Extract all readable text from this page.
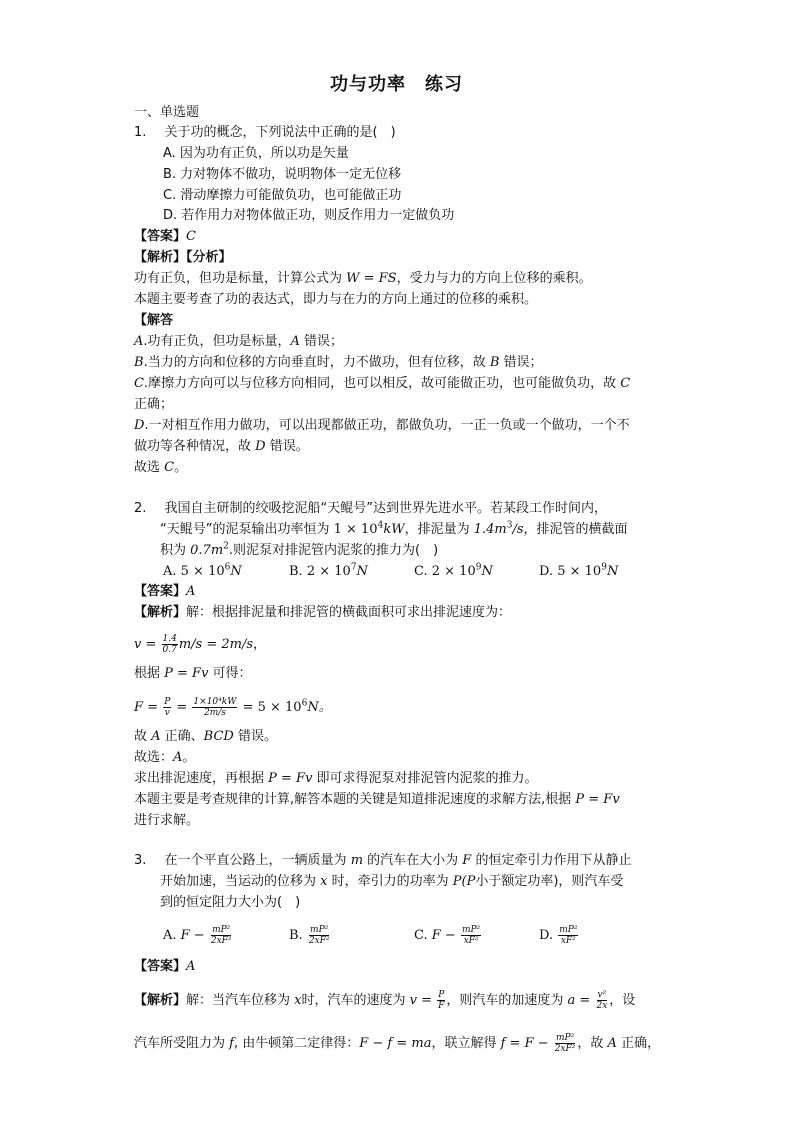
功与功率　练习
一、单选题
1. 关于功的概念，下列说法中正确的是(　)
A. 因为功有正负，所以功是矢量
B. 力对物体不做功，说明物体一定无位移
C. 滑动摩擦力可能做负功，也可能做正功
D. 若作用力对物体做正功，则反作用力一定做负功
【答案】C
【解析】【分析】
功有正负，但功是标量，计算公式为 W = FS，受力与力的方向上位移的乘积。
本题主要考查了功的表达式，即力与在力的方向上通过的位移的乘积。
【解答
A.功有正负，但功是标量，A 错误；
B.当力的方向和位移的方向垂直时，力不做功，但有位移，故 B 错误；
C.摩擦力方向可以与位移方向相同，也可以相反，故可能做正功，也可能做负功，故 C
正确；
D.一对相互作用力做功，可以出现都做正功，都做负功，一正一负或一个做功，一个不
做功等各种情况，故 D 错误。
故选 C。
2. 我国自主研制的绞吸挖泥船“天鲲号”达到世界先进水平。若某段工作时间内，
“天鲲号”的泥泵输出功率恒为 $1 \times 10^4kW$，排泥量为 $1.4m^3/s$，排泥管的横截面
积为 $0.7m^2$.则泥泵对排泥管内泥浆的推力为(　)
A. $5 \times 10^6N$	B. $2 \times 10^7N$	C. $2 \times 10^9N$	D. $5 \times 10^9N$
【答案】A
【解析】解：根据排泥量和排泥管的横截面积可求出排泥速度为：
$v = \frac{1.4}{0.7} m/s = 2m/s$，
根据 P = Fv 可得：
$F = \frac{P}{v} = \frac{\text{1×10⁴kW}}{2m/s} = 5 \times 10^6N$。
故 A 正确、BCD 错误。
故选：A。
求出排泥速度，再根据 P = Fv 即可求得泥泵对排泥管内泥浆的推力。
本题主要是考查规律的计算,解答本题的关键是知道排泥速度的求解方法,根据 P = Fv
进行求解。
3. 在一个平直公路上，一辆质量为 m 的汽车在大小为 F 的恒定牵引力作用下从静止
开始加速，当运动的位移为 x 时，牵引力的功率为 P(P小于额定功率)，则汽车受
到的恒定阻力大小为(　)
A. $F - \frac{\text{mP²}}{\text{2xF²}}$	B. $\frac{\text{mP²}}{\text{2xF²}}$	C. $F - \frac{\text{mP²}}{\text{xF²}}$	D. $\frac{\text{mP²}}{\text{xF²}}$
【答案】A
【解析】解：当汽车位移为 x时，汽车的速度为 $v = \frac{P}{F}$ ，则汽车的加速度为 $a = \frac{\text{v²}}{2x}$ ，设
汽车所受阻力为 f, 由牛顿第二定律得：F − f = ma，联立解得 $f = F - \frac{\text{mP²}}{\text{2xF²}}$ ，故 A 正确，
